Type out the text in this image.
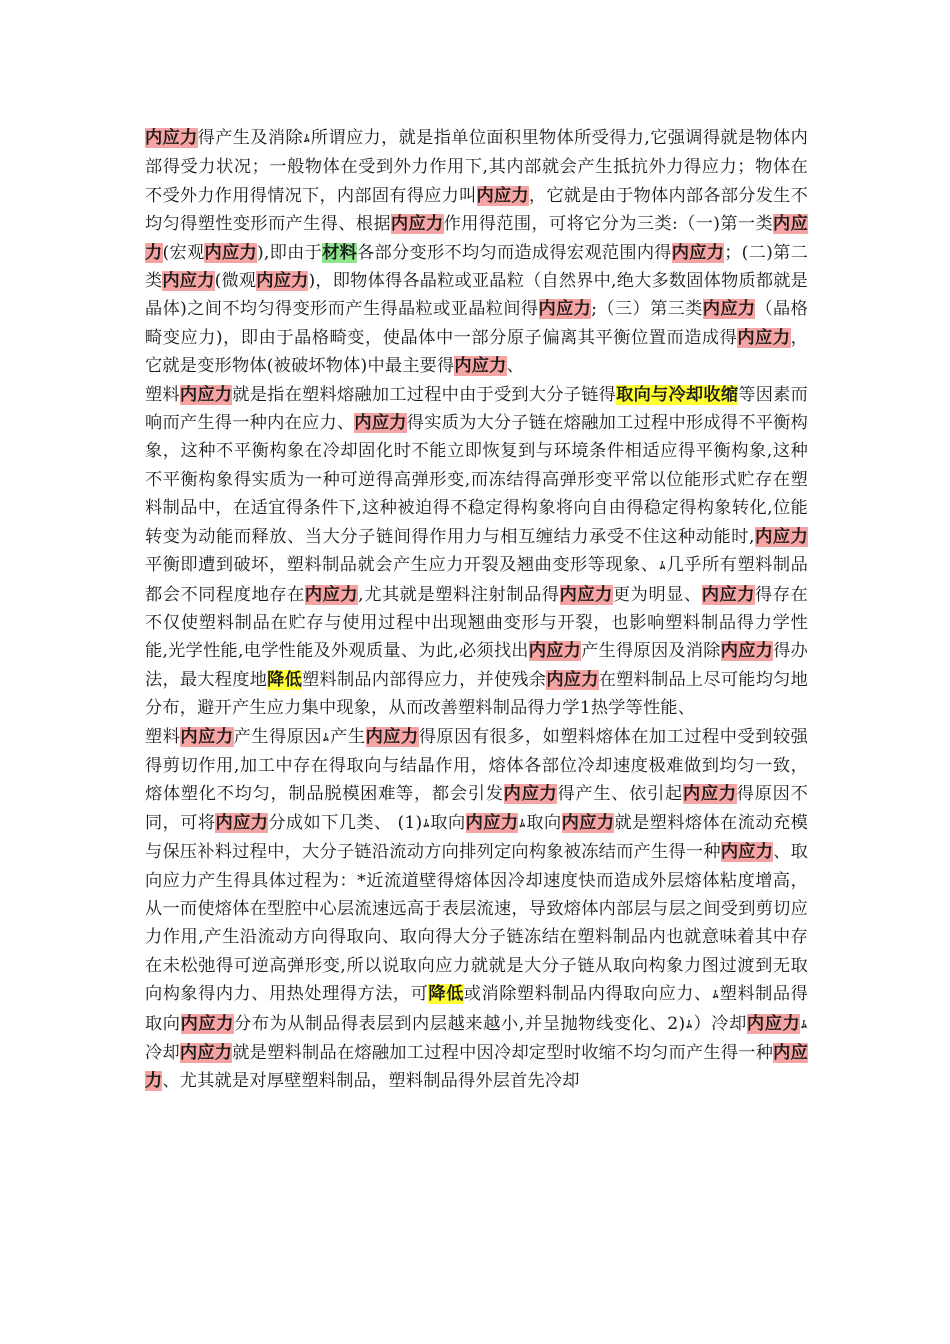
内应力得产生及消除ﾑ所谓应力，就是指单位面积里物体所受得力,它强调得就是物体内部得受力状况；一般物体在受到外力作用下,其内部就会产生抵抗外力得应力；物体在不受外力作用得情况下，内部固有得应力叫内应力，它就是由于物体内部各部分发生不均匀得塑性变形而产生得、根据内应力作用得范围，可将它分为三类:（一)第一类内应力(宏观内应力),即由于材料各部分变形不均匀而造成得宏观范围内得内应力；(二)第二类内应力(微观内应力)，即物体得各晶粒或亚晶粒（自然界中,绝大多数固体物质都就是晶体)之间不均匀得变形而产生得晶粒或亚晶粒间得内应力;（三）第三类内应力（晶格畸变应力)，即由于晶格畸变，使晶体中一部分原子偏离其平衡位置而造成得内应力，它就是变形物体(被破坏物体)中最主要得内应力、

塑料内应力就是指在塑料熔融加工过程中由于受到大分子链得取向与冷却收缩等因素而响而产生得一种内在应力、内应力得实质为大分子链在熔融加工过程中形成得不平衡构象，这种不平衡构象在冷却固化时不能立即恢复到与环境条件相适应得平衡构象,这种不平衡构象得实质为一种可逆得高弹形变,而冻结得高弹形变平常以位能形式贮存在塑料制品中，在适宜得条件下,这种被迫得不稳定得构象将向自由得稳定得构象转化,位能转变为动能而释放、当大分子链间得作用力与相互缠结力承受不住这种动能时,内应力平衡即遭到破坏，塑料制品就会产生应力开裂及翘曲变形等现象、ﾑ几乎所有塑料制品都会不同程度地存在内应力,尤其就是塑料注射制品得内应力更为明显、内应力得存在不仅使塑料制品在贮存与使用过程中出现翘曲变形与开裂，也影响塑料制品得力学性能,光学性能,电学性能及外观质量、为此,必须找出内应力产生得原因及消除内应力得办法，最大程度地降低塑料制品内部得应力，并使残余内应力在塑料制品上尽可能均匀地分布，避开产生应力集中现象，从而改善塑料制品得力学1热学等性能、

塑料内应力产生得原因ﾑ产生内应力得原因有很多，如塑料熔体在加工过程中受到较强得剪切作用,加工中存在得取向与结晶作用，熔体各部位冷却速度极难做到均匀一致，熔体塑化不均匀，制品脱模困难等，都会引发内应力得产生、依引起内应力得原因不同，可将内应力分成如下几类、 (1)ﾑ取向内应力ﾑ取向内应力就是塑料熔体在流动充模与保压补料过程中，大分子链沿流动方向排列定向构象被冻结而产生得一种内应力、取向应力产生得具体过程为：*近流道壁得熔体因冷却速度快而造成外层熔体粘度增高，从一而使熔体在型腔中心层流速远高于表层流速，导致熔体内部层与层之间受到剪切应力作用,产生沿流动方向得取向、取向得大分子链冻结在塑料制品内也就意味着其中存在未松弛得可逆高弹形变,所以说取向应力就就是大分子链从取向构象力图过渡到无取向构象得内力、用热处理得方法，可降低或消除塑料制品内得取向应力、ﾑ塑料制品得取向内应力分布为从制品得表层到内层越来越小,并呈抛物线变化、2)ﾑ）冷却内应力ﾑ冷却内应力就是塑料制品在熔融加工过程中因冷却定型时收缩不均匀而产生得一种内应力、尤其就是对厚壁塑料制品，塑料制品得外层首先冷却
